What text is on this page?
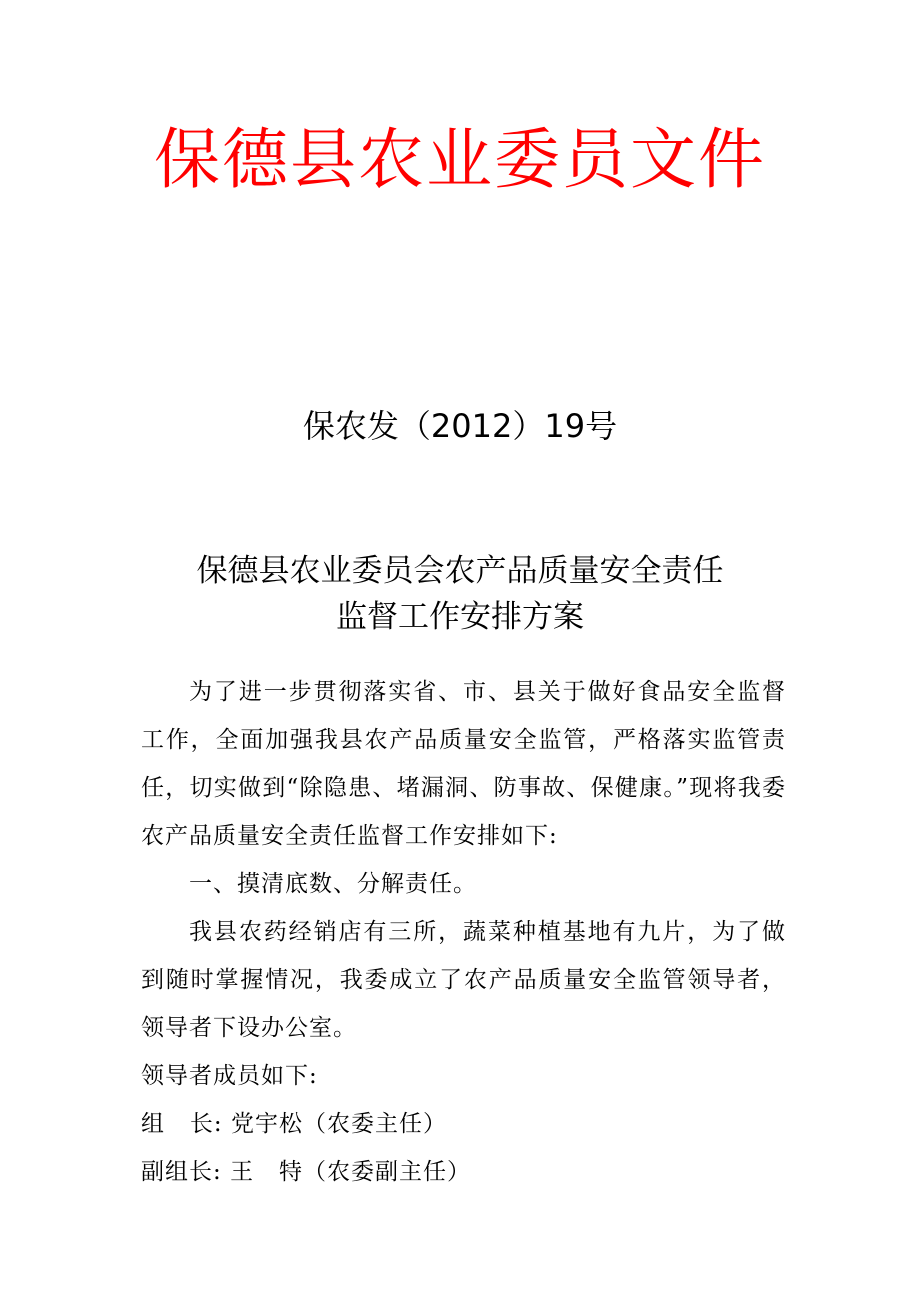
保德县农业委员文件
保农发（2012）19号
保德县农业委员会农产品质量安全责任
监督工作安排方案

为了进一步贯彻落实省、市、县关于做好食品安全监督工作，全面加强我县农产品质量安全监管，严格落实监管责任，切实做到“除隐患、堵漏洞、防事故、保健康。”现将我委农产品质量安全责任监督工作安排如下:

一、摸清底数、分解责任。

我县农药经销店有三所，蔬菜种植基地有九片，为了做到随时掌握情况，我委成立了农产品质量安全监管领导者，领导者下设办公室。

领导者成员如下:

组   长: 党宇松（农委主任）
副组长: 王   特（农委副主任）
